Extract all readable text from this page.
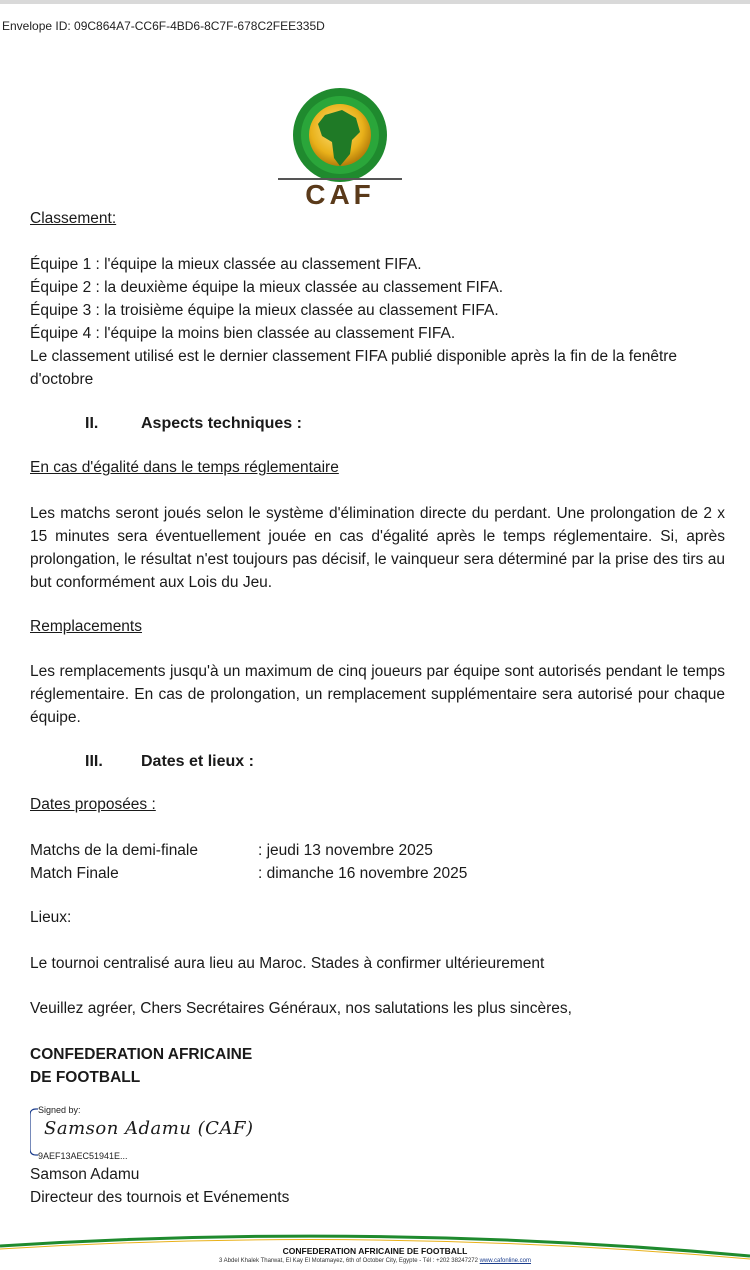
Envelope ID: 09C864A7-CC6F-4BD6-8C7F-678C2FEE335D
CAF

Classement:

Équipe 1 : l'équipe la mieux classée au classement FIFA.

Équipe 2 : la deuxième équipe la mieux classée au classement FIFA.

Équipe 3 : la troisième équipe la mieux classée au classement FIFA.

Équipe 4 : l'équipe la moins bien classée au classement FIFA.

Le classement utilisé est le dernier classement FIFA publié disponible après la fin de la fenêtre d'octobre

II.	Aspects techniques :

En cas d'égalité dans le temps réglementaire

Les matchs seront joués selon le système d'élimination directe du perdant. Une prolongation de 2 x 15 minutes sera éventuellement jouée en cas d'égalité après le temps réglementaire. Si, après prolongation, le résultat n'est toujours pas décisif, le vainqueur sera déterminé par la prise des tirs au but conformément aux Lois du Jeu.

Remplacements

Les remplacements jusqu'à un maximum de cinq joueurs par équipe sont autorisés pendant le temps réglementaire. En cas de prolongation, un remplacement supplémentaire sera autorisé pour chaque équipe.

III. Dates et lieux :

Dates proposées :

Matchs de la demi-finale	: jeudi 13 novembre 2025
Match Finale	: dimanche 16 novembre 2025

Lieux:

Le tournoi centralisé aura lieu au Maroc. Stades à confirmer ultérieurement

Veuillez agréer, Chers Secrétaires Généraux, nos salutations les plus sincères,

CONFEDERATION AFRICAINE

DE FOOTBALL

Signed by:
Samson Adamu (CAF)
9AEF13AEC51941E...

Samson Adamu

Directeur des tournois et Evénements

CONFEDERATION AFRICAINE DE FOOTBALL
3 Abdel Khalek Tharwat, El Kay El Motamayez, 6th of October City, Egypte - Tél : +202 38247272 www.cafonline.com
